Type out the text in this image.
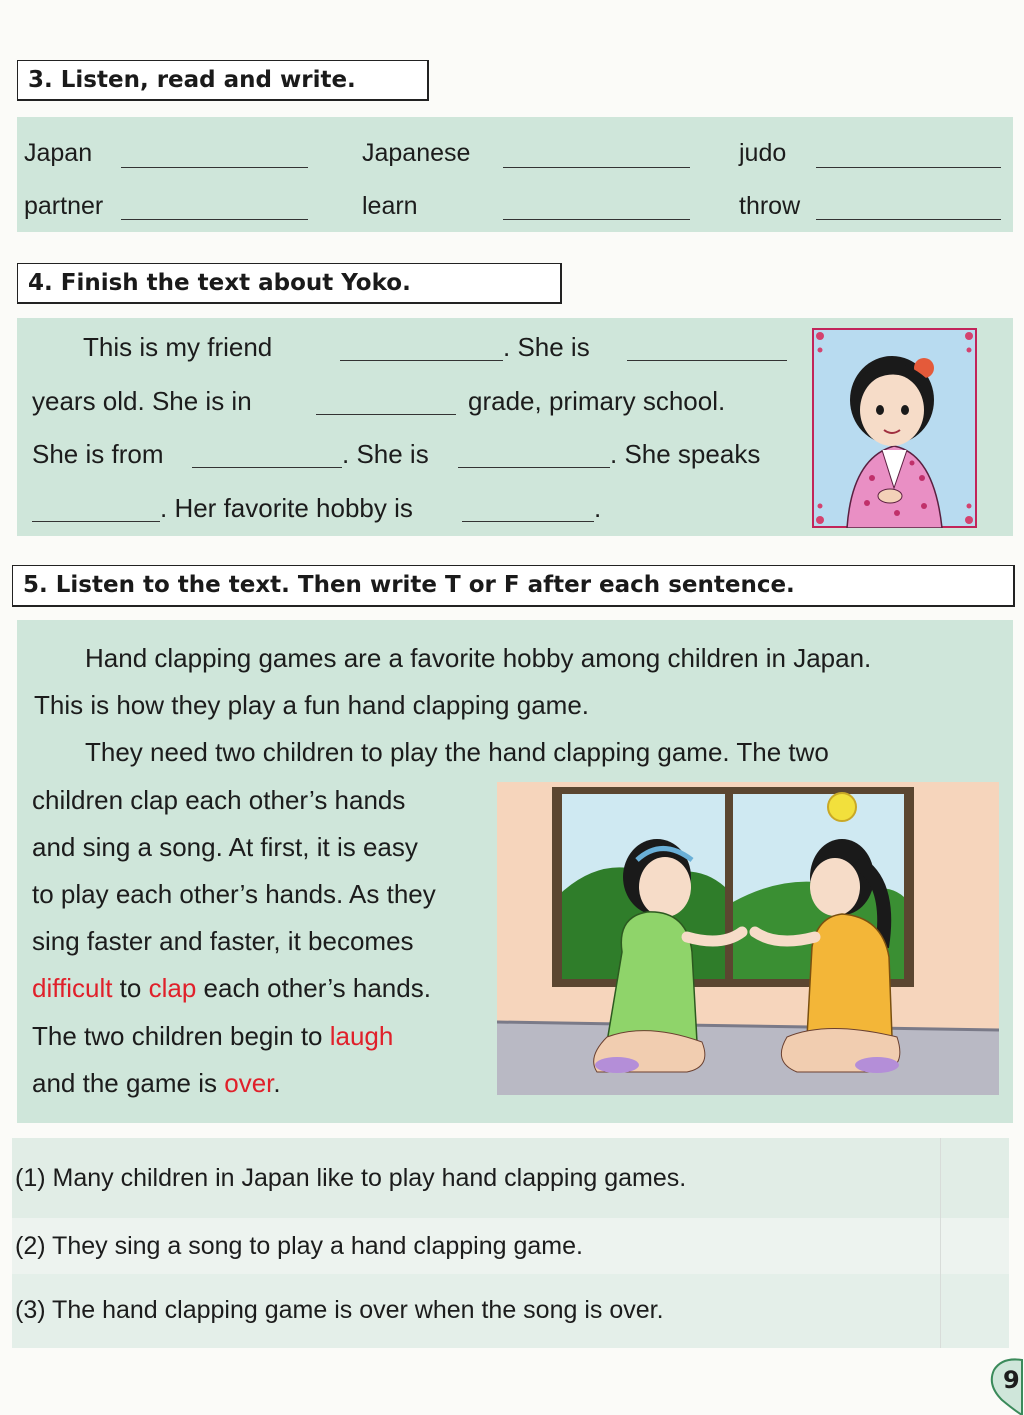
3. Listen, read and write.
Japan	Japanese	judo
partner	learn	throw
4. Finish the text about Yoko.
This is my friend	. She is
years old. She is in	grade, primary school.
She is from	. She is	. She speaks
. Her favorite hobby is	.
5. Listen to the text. Then write T or F after each sentence.
Hand clapping games are a favorite hobby among children in Japan.
This is how they play a fun hand clapping game.
They need two children to play the hand clapping game. The two
children clap each other’s hands
and sing a song. At first, it is easy
to play each other’s hands. As they
sing faster and faster, it becomes
difficult to clap each other’s hands.
The two children begin to laugh
and the game is over.
(1) Many children in Japan like to play hand clapping games.
(2) They sing a song to play a hand clapping game.
(3) The hand clapping game is over when the song is over.
9
